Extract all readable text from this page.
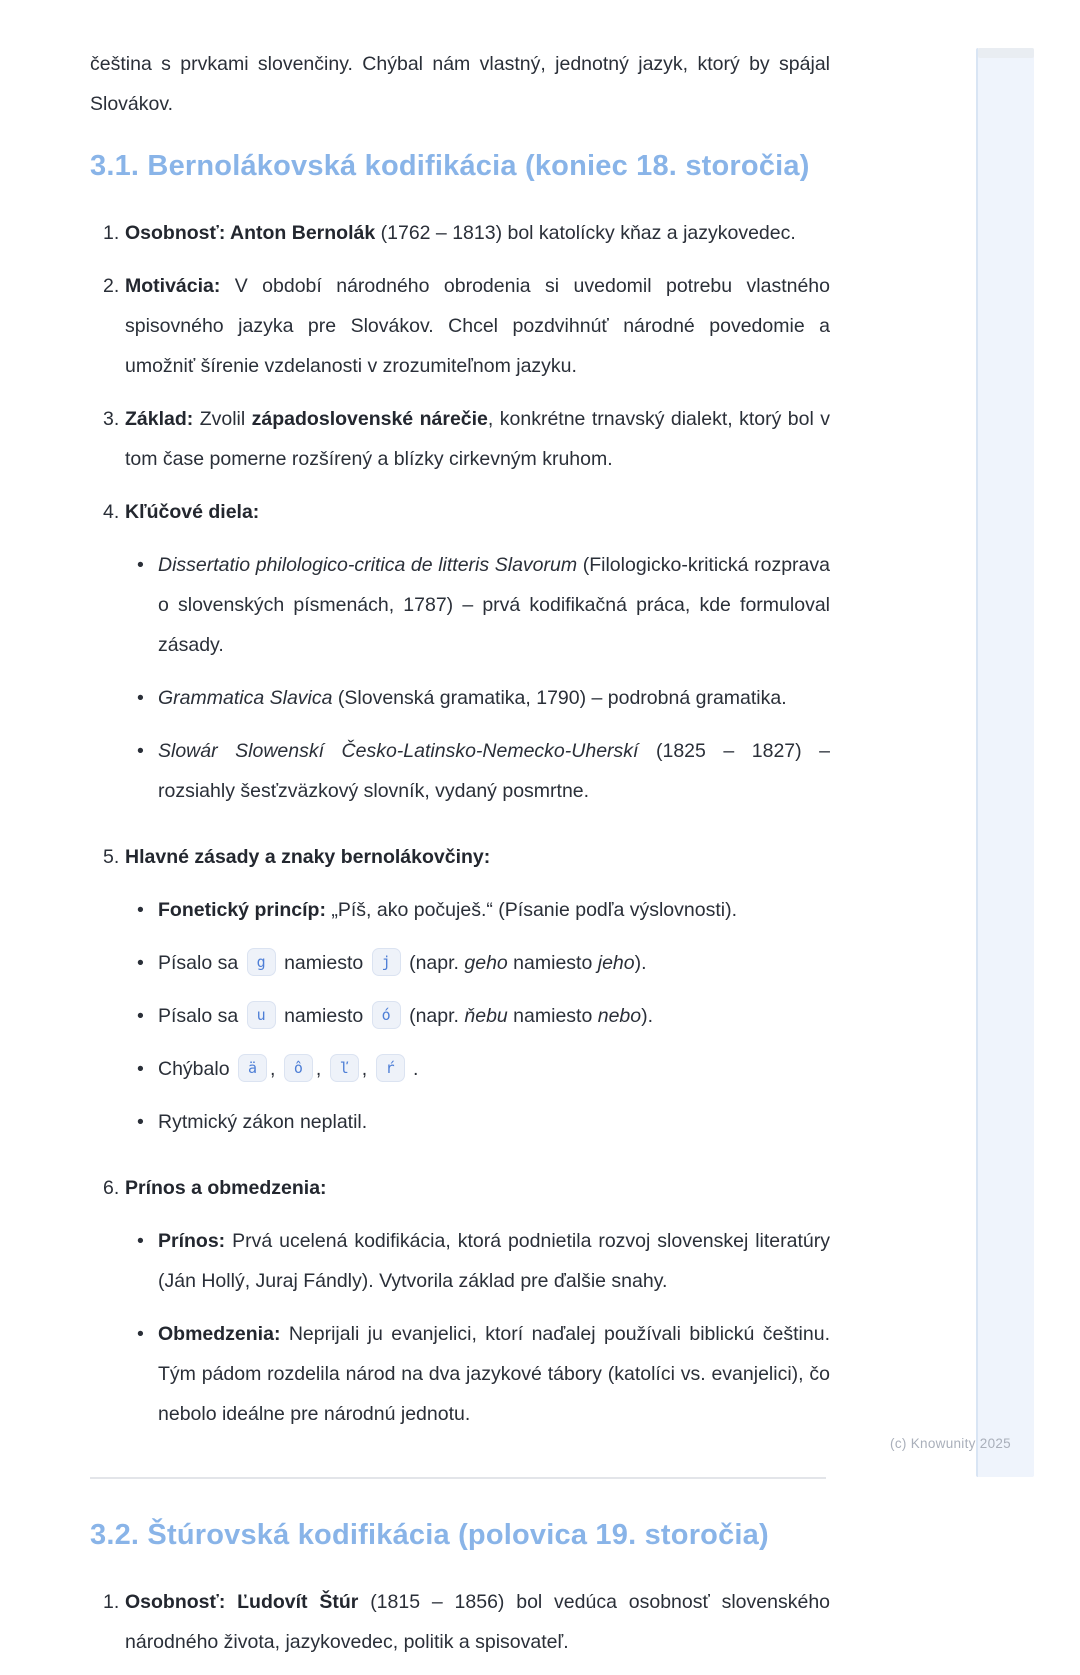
čeština s prvkami slovenčiny. Chýbal nám vlastný, jednotný jazyk, ktorý by spájal Slovákov.

3.1. Bernolákovská kodifikácia (koniec 18. storočia)
1. Osobnosť: Anton Bernolák (1762 – 1813) bol katolícky kňaz a jazykovedec.
2. Motivácia: V období národného obrodenia si uvedomil potrebu vlastného spisovného jazyka pre Slovákov. Chcel pozdvihnúť národné povedomie a umožniť šírenie vzdelanosti v zrozumiteľnom jazyku.
3. Základ: Zvolil západoslovenské nárečie, konkrétne trnavský dialekt, ktorý bol v tom čase pomerne rozšírený a blízky cirkevným kruhom.
4. Kľúčové diela:
• Dissertatio philologico-critica de litteris Slavorum (Filologicko-kritická rozprava o slovenských písmenách, 1787) – prvá kodifikačná práca, kde formuloval zásady.
• Grammatica Slavica (Slovenská gramatika, 1790) – podrobná gramatika.
• Slowár Slowenskí Česko-Latinsko-Nemecko-Uherskí (1825 – 1827) – rozsiahly šesťzväzkový slovník, vydaný posmrtne.
5. Hlavné zásady a znaky bernolákovčiny:
• Fonetický princíp: „Píš, ako počuješ.“ (Písanie podľa výslovnosti).
• Písalo sa g namiesto j (napr. geho namiesto jeho).
• Písalo sa u namiesto ó (napr. ňebu namiesto nebo).
• Chýbalo ä , ô , ľ , ŕ .
• Rytmický zákon neplatil.
6. Prínos a obmedzenia:
• Prínos: Prvá ucelená kodifikácia, ktorá podnietila rozvoj slovenskej literatúry (Ján Hollý, Juraj Fándly). Vytvorila základ pre ďalšie snahy.
• Obmedzenia: Neprijali ju evanjelici, ktorí naďalej používali biblickú češtinu. Tým pádom rozdelila národ na dva jazykové tábory (katolíci vs. evanjelici), čo nebolo ideálne pre národnú jednotu.
3.2. Štúrovská kodifikácia (polovica 19. storočia)
1. Osobnosť: Ľudovít Štúr (1815 – 1856) bol vedúca osobnosť slovenského národného života, jazykovedec, politik a spisovateľ.
(c) Knowunity 2025
